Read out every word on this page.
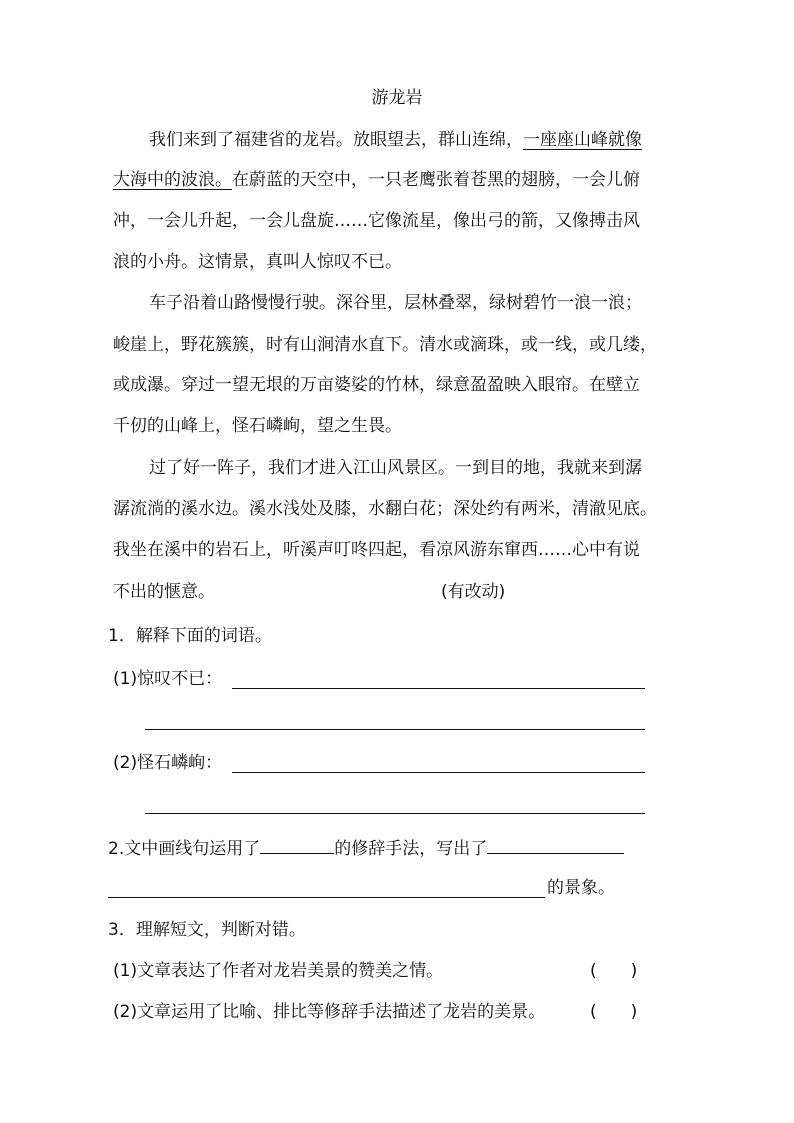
游龙岩
我们来到了福建省的龙岩。放眼望去，群山连绵，一座座山峰就像
大海中的波浪。在蔚蓝的天空中，一只老鹰张着苍黑的翅膀，一会儿俯
冲，一会儿升起，一会儿盘旋……它像流星，像出弓的箭，又像搏击风
浪的小舟。这情景，真叫人惊叹不已。
车子沿着山路慢慢行驶。深谷里，层林叠翠，绿树碧竹一浪一浪；
峻崖上，野花簇簇，时有山涧清水直下。清水或滴珠，或一线，或几缕，
或成瀑。穿过一望无垠的万亩婆娑的竹林，绿意盈盈映入眼帘。在壁立
千仞的山峰上，怪石嶙峋，望之生畏。
过了好一阵子，我们才进入江山风景区。一到目的地，我就来到潺
潺流淌的溪水边。溪水浅处及膝，水翻白花；深处约有两米，清澈见底。
我坐在溪中的岩石上，听溪声叮咚四起，看凉风游东窜西……心中有说
不出的惬意。	(有改动)
1．解释下面的词语。
(1)惊叹不已：
(2)怪石嶙峋：
2.文中画线句运用了	的修辞手法，写出了
的景象。
3．理解短文，判断对错。
(1)文章表达了作者对龙岩美景的赞美之情。	(　　)
(2)文章运用了比喻、排比等修辞手法描述了龙岩的美景。	(　　)
